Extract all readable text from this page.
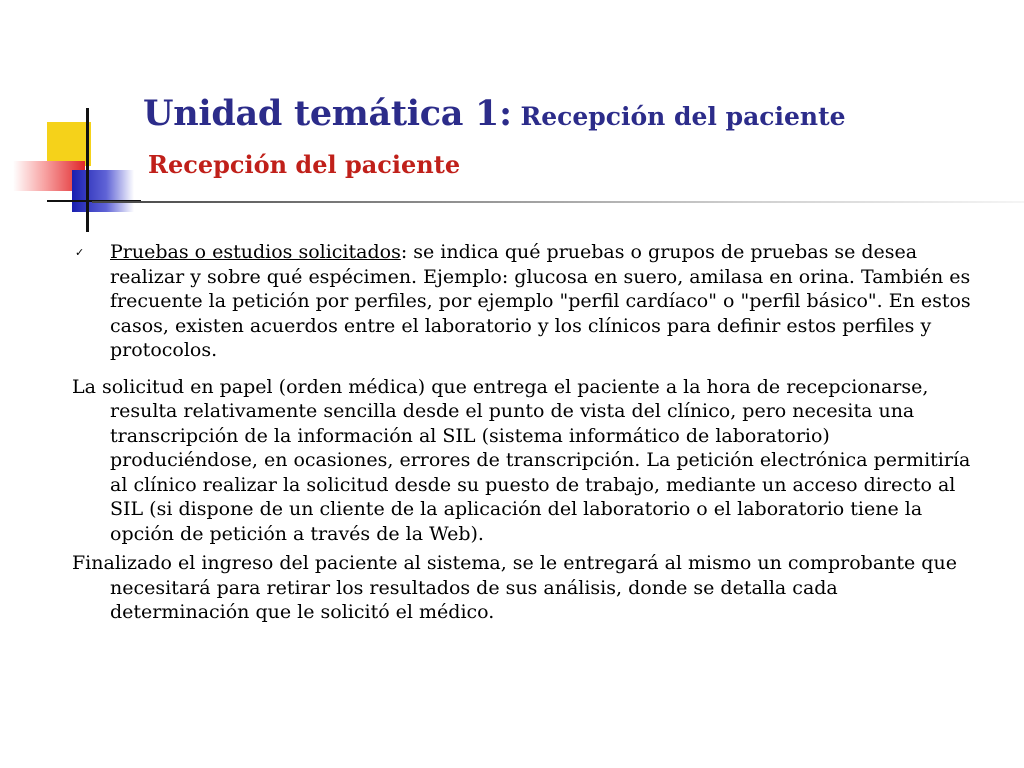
Unidad temática 1: Recepción del paciente
Recepción del paciente

✓ Pruebas o estudios solicitados: se indica qué pruebas o grupos de pruebas se desea realizar y sobre qué espécimen. Ejemplo: glucosa en suero, amilasa en orina. También es frecuente la petición por perfiles, por ejemplo "perfil cardíaco" o "perfil básico". En estos casos, existen acuerdos entre el laboratorio y los clínicos para definir estos perfiles y protocolos.

La solicitud en papel (orden médica) que entrega el paciente a la hora de recepcionarse, resulta relativamente sencilla desde el punto de vista del clínico, pero necesita una transcripción de la información al SIL (sistema informático de laboratorio) produciéndose, en ocasiones, errores de transcripción. La petición electrónica permitiría al clínico realizar la solicitud desde su puesto de trabajo, mediante un acceso directo al SIL (si dispone de un cliente de la aplicación del laboratorio o el laboratorio tiene la opción de petición a través de la Web).

Finalizado el ingreso del paciente al sistema, se le entregará al mismo un comprobante que necesitará para retirar los resultados de sus análisis, donde se detalla cada determinación que le solicitó el médico.
